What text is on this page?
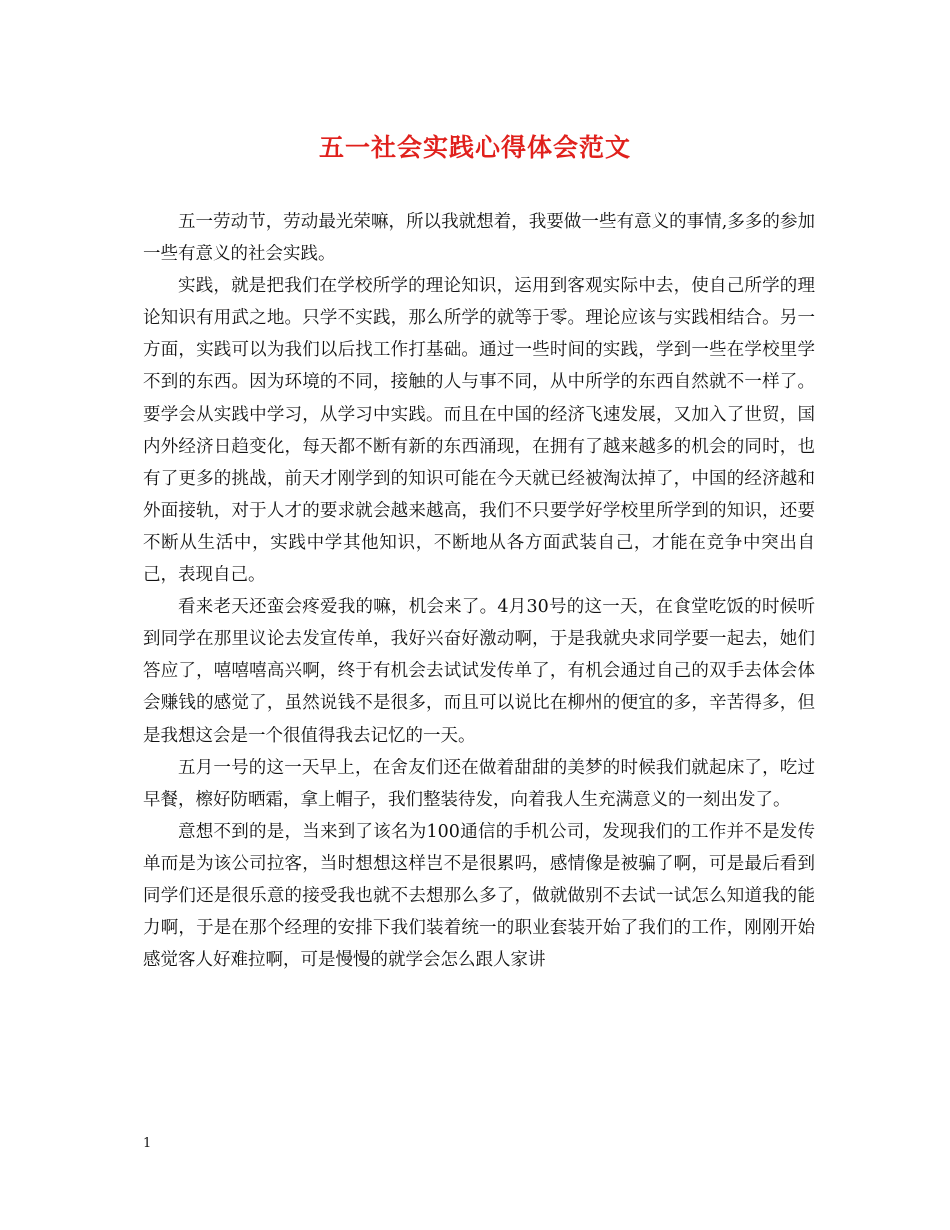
五一社会实践心得体会范文

五一劳动节，劳动最光荣嘛，所以我就想着，我要做一些有意义的事情,多多的参加一些有意义的社会实践。

实践，就是把我们在学校所学的理论知识，运用到客观实际中去，使自己所学的理论知识有用武之地。只学不实践，那么所学的就等于零。理论应该与实践相结合。另一方面，实践可以为我们以后找工作打基础。通过一些时间的实践，学到一些在学校里学不到的东西。因为环境的不同，接触的人与事不同，从中所学的东西自然就不一样了。要学会从实践中学习，从学习中实践。而且在中国的经济飞速发展，又加入了世贸，国内外经济日趋变化，每天都不断有新的东西涌现，在拥有了越来越多的机会的同时，也有了更多的挑战，前天才刚学到的知识可能在今天就已经被淘汰掉了，中国的经济越和外面接轨，对于人才的要求就会越来越高，我们不只要学好学校里所学到的知识，还要不断从生活中，实践中学其他知识，不断地从各方面武装自己，才能在竞争中突出自己，表现自己。

看来老天还蛮会疼爱我的嘛，机会来了。4月30号的这一天，在食堂吃饭的时候听到同学在那里议论去发宣传单，我好兴奋好激动啊，于是我就央求同学要一起去，她们答应了，嘻嘻嘻高兴啊，终于有机会去试试发传单了，有机会通过自己的双手去体会体会赚钱的感觉了，虽然说钱不是很多，而且可以说比在柳州的便宜的多，辛苦得多，但是我想这会是一个很值得我去记忆的一天。

五月一号的这一天早上，在舍友们还在做着甜甜的美梦的时候我们就起床了，吃过早餐，檫好防晒霜，拿上帽子，我们整装待发，向着我人生充满意义的一刻出发了。

意想不到的是，当来到了该名为100通信的手机公司，发现我们的工作并不是发传单而是为该公司拉客，当时想想这样岂不是很累吗，感情像是被骗了啊，可是最后看到同学们还是很乐意的接受我也就不去想那么多了，做就做别不去试一试怎么知道我的能力啊，于是在那个经理的安排下我们装着统一的职业套装开始了我们的工作，刚刚开始感觉客人好难拉啊，可是慢慢的就学会怎么跟人家讲

1
